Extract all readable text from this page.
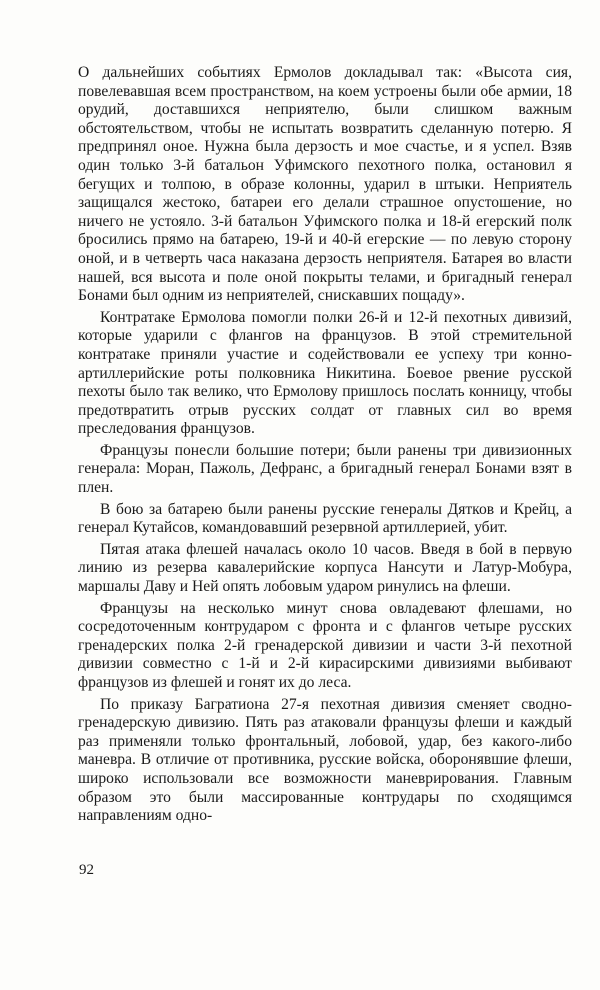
О дальнейших событиях Ермолов докладывал так: «Высота сия, повелевавшая всем пространством, на коем устроены были обе армии, 18 орудий, доставшихся неприятелю, были слишком важным обстоятельством, чтобы не испытать возвратить сделанную потерю. Я предпринял оное. Нужна была дерзость и мое счастье, и я успел. Взяв один только 3-й батальон Уфимского пехотного полка, остановил я бегущих и толпою, в образе колонны, ударил в штыки. Неприятель защищался жестоко, батареи его делали страшное опустошение, но ничего не устояло. 3-й батальон Уфимского полка и 18-й егерский полк бросились прямо на батарею, 19-й и 40-й егерские — по левую сторону оной, и в четверть часа наказана дерзость неприятеля. Батарея во власти нашей, вся высота и поле оной покрыты телами, и бригадный генерал Бонами был одним из неприятелей, снискавших пощаду».

Контратаке Ермолова помогли полки 26-й и 12-й пехотных дивизий, которые ударили с флангов на французов. В этой стремительной контратаке приняли участие и содействовали ее успеху три конно-артиллерийские роты полковника Никитина. Боевое рвение русской пехоты было так велико, что Ермолову пришлось послать конницу, чтобы предотвратить отрыв русских солдат от главных сил во время преследования французов.

Французы понесли большие потери; были ранены три дивизионных генерала: Моран, Пажоль, Дефранс, а бригадный генерал Бонами взят в плен.

В бою за батарею были ранены русские генералы Дятков и Крейц, а генерал Кутайсов, командовавший резервной артиллерией, убит.

Пятая атака флешей началась около 10 часов. Введя в бой в первую линию из резерва кавалерийские корпуса Нансути и Латур-Мобура, маршалы Даву и Ней опять лобовым ударом ринулись на флеши.

Французы на несколько минут снова овладевают флешами, но сосредоточенным контрударом с фронта и с флангов четыре русских гренадерских полка 2-й гренадерской дивизии и части 3-й пехотной дивизии совместно с 1-й и 2-й кирасирскими дивизиями выбивают французов из флешей и гонят их до леса.

По приказу Багратиона 27-я пехотная дивизия сменяет сводно-гренадерскую дивизию. Пять раз атаковали французы флеши и каждый раз применяли только фронтальный, лобовой, удар, без какого-либо маневра. В отличие от противника, русские войска, оборонявшие флеши, широко использовали все возможности маневрирования. Главным образом это были массированные контрудары по сходящимся направлениям одно-

92
